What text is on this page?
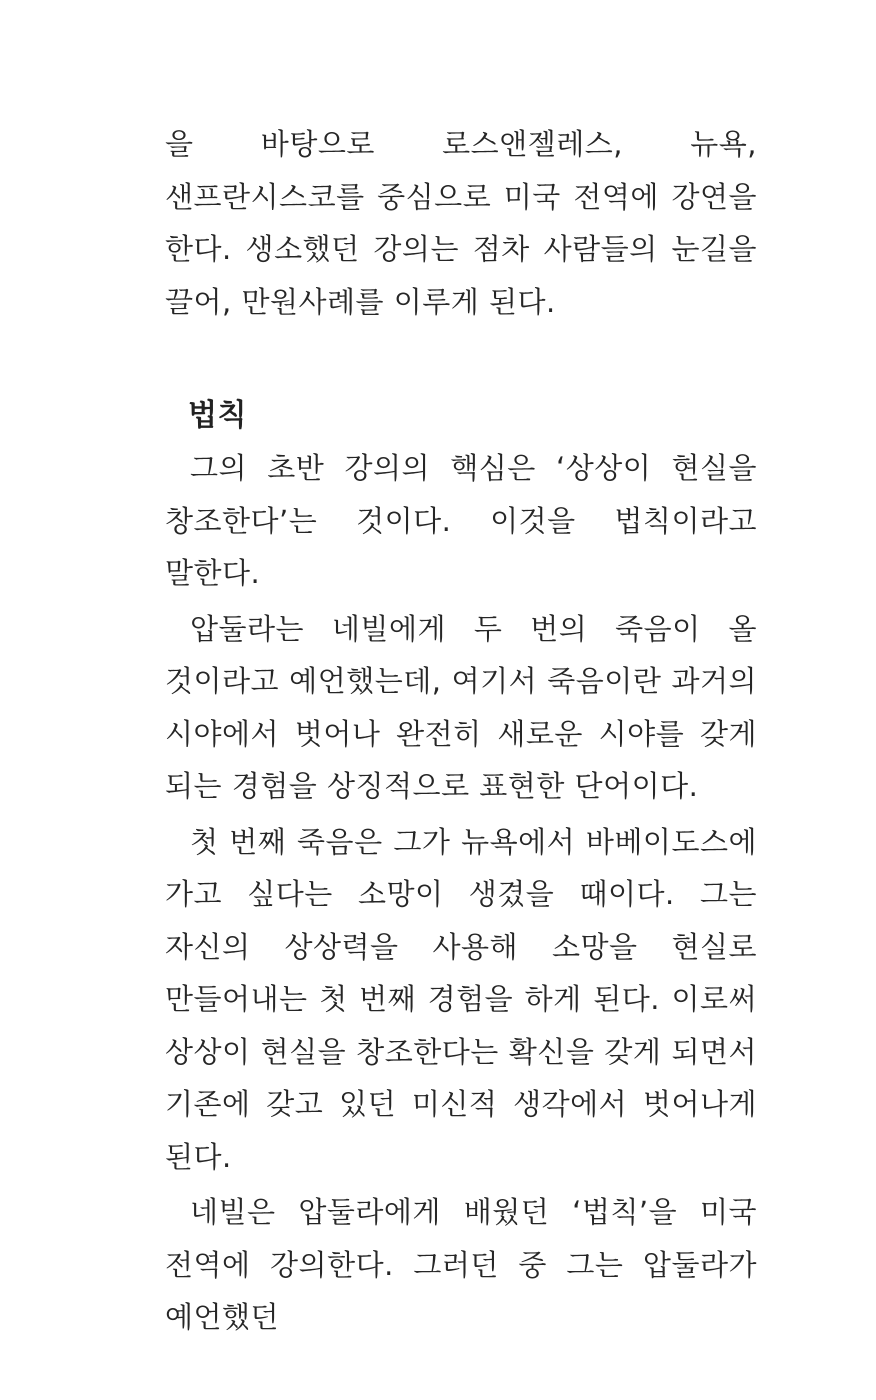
을 바탕으로 로스앤젤레스, 뉴욕, 샌프란시스코를 중심으로 미국 전역에 강연을 한다. 생소했던 강의는 점차 사람들의 눈길을 끌어, 만원사례를 이루게 된다.

법칙

그의 초반 강의의 핵심은 ‘상상이 현실을 창조한다’는 것이다. 이것을 법칙이라고 말한다.

압둘라는 네빌에게 두 번의 죽음이 올 것이라고 예언했는데, 여기서 죽음이란 과거의 시야에서 벗어나 완전히 새로운 시야를 갖게 되는 경험을 상징적으로 표현한 단어이다.

첫 번째 죽음은 그가 뉴욕에서 바베이도스에 가고 싶다는 소망이 생겼을 때이다. 그는 자신의 상상력을 사용해 소망을 현실로 만들어내는 첫 번째 경험을 하게 된다. 이로써 상상이 현실을 창조한다는 확신을 갖게 되면서 기존에 갖고 있던 미신적 생각에서 벗어나게 된다.

네빌은 압둘라에게 배웠던 ‘법칙’을 미국 전역에 강의한다. 그러던 중 그는 압둘라가 예언했던
